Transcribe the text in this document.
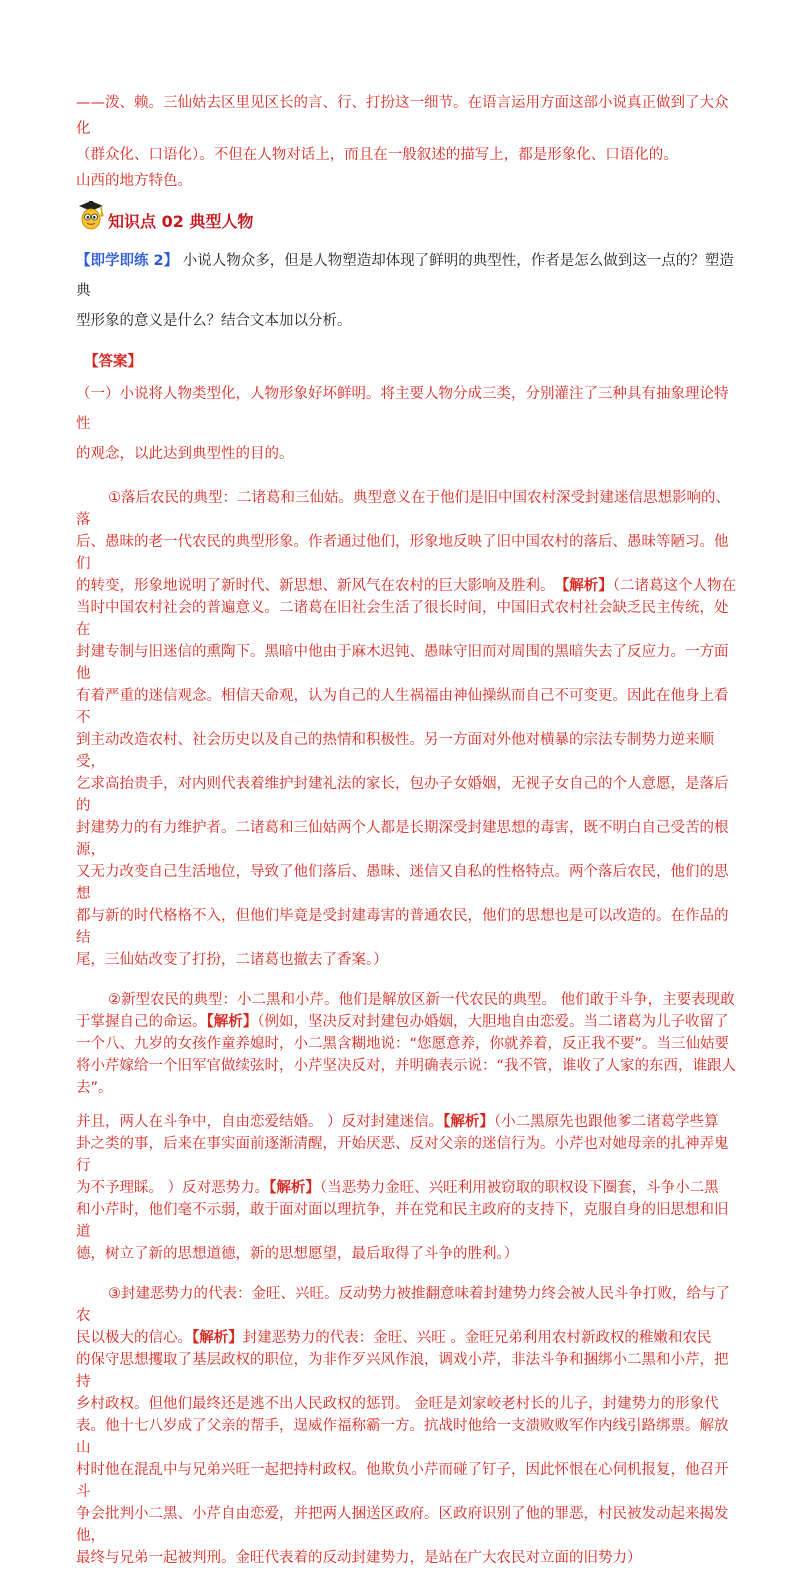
——泼、赖。三仙姑去区里见区长的言、行、打扮这一细节。在语言运用方面这部小说真正做到了大众化

（群众化、口语化）。不但在人物对话上，而且在一般叙述的描写上，都是形象化、口语化的。

山西的地方特色。

知识点 02 典型人物

【即学即练 2】 小说人物众多，但是人物塑造却体现了鲜明的典型性，作者是怎么做到这一点的？塑造典

型形象的意义是什么？结合文本加以分析。

【答案】

（一）小说将人物类型化，人物形象好坏鲜明。将主要人物分成三类，分别灌注了三种具有抽象理论特性

的观念，以此达到典型性的目的。

①落后农民的典型：二诸葛和三仙姑。典型意义在于他们是旧中国农村深受封建迷信思想影响的、落

后、愚昧的老一代农民的典型形象。作者通过他们，形象地反映了旧中国农村的落后、愚昧等陋习。他们

的转变，形象地说明了新时代、新思想、新风气在农村的巨大影响及胜利。 【解析】（二诸葛这个人物在

当时中国农村社会的普遍意义。二诸葛在旧社会生活了很长时间，中国旧式农村社会缺乏民主传统，处在

封建专制与旧迷信的熏陶下。黑暗中他由于麻木迟钝、愚昧守旧而对周围的黑暗失去了反应力。一方面他

有着严重的迷信观念。相信天命观，认为自己的人生祸福由神仙操纵而自己不可变更。因此在他身上看不

到主动改造农村、社会历史以及自己的热情和积极性。另一方面对外他对横暴的宗法专制势力逆来顺受，

乞求高抬贵手，对内则代表着维护封建礼法的家长，包办子女婚姻，无视子女自己的个人意愿，是落后的

封建势力的有力维护者。二诸葛和三仙姑两个人都是长期深受封建思想的毒害，既不明白自己受苦的根源，

又无力改变自己生活地位，导致了他们落后、愚昧、迷信又自私的性格特点。两个落后农民，他们的思想

都与新的时代格格不入，但他们毕竟是受封建毒害的普通农民，他们的思想也是可以改造的。在作品的结

尾，三仙姑改变了打扮，二诸葛也撤去了香案。）

②新型农民的典型：小二黑和小芹。他们是解放区新一代农民的典型。 他们敢于斗争，主要表现敢

于掌握自己的命运。【解析】（例如，坚决反对封建包办婚姻，大胆地自由恋爱。当二诸葛为儿子收留了

一个八、九岁的女孩作童养媳时，小二黑含糊地说：“您愿意养，你就养着，反正我不要”。当三仙姑要

将小芹嫁给一个旧军官做续弦时，小芹坚决反对，并明确表示说：“我不管，谁收了人家的东西，谁跟人

去”。

并且，两人在斗争中，自由恋爱结婚。 ）反对封建迷信。【解析】（小二黑原先也跟他爹二诸葛学些算

卦之类的事，后来在事实面前逐渐清醒，开始厌恶、反对父亲的迷信行为。小芹也对她母亲的扎神弄鬼行

为不予理睬。 ）反对恶势力。【解析】（当恶势力金旺、兴旺利用被窃取的职权设下圈套，斗争小二黑

和小芹时，他们毫不示弱，敢于面对面以理抗争，并在党和民主政府的支持下，克服自身的旧思想和旧道

德，树立了新的思想道德，新的思想愿望，最后取得了斗争的胜利。）

③封建恶势力的代表：金旺、兴旺。反动势力被推翻意味着封建势力终会被人民斗争打败，给与了农

民以极大的信心。【解析】封建恶势力的代表：金旺、兴旺 。金旺兄弟利用农村新政权的稚嫩和农民

的保守思想攫取了基层政权的职位，为非作歹兴风作浪，调戏小芹，非法斗争和捆绑小二黑和小芹，把持

乡村政权。但他们最终还是逃不出人民政权的惩罚。 金旺是刘家峧老村长的儿子，封建势力的形象代

表。他十七八岁成了父亲的帮手，逞威作福称霸一方。抗战时他给一支溃败败军作内线引路绑票。解放山

村时他在混乱中与兄弟兴旺一起把持村政权。他欺负小芹而碰了钉子，因此怀恨在心伺机报复，他召开斗

争会批判小二黑、小芹自由恋爱，并把两人捆送区政府。区政府识别了他的罪恶，村民被发动起来揭发他，

最终与兄弟一起被判刑。金旺代表着的反动封建势力，是站在广大农民对立面的旧势力）
